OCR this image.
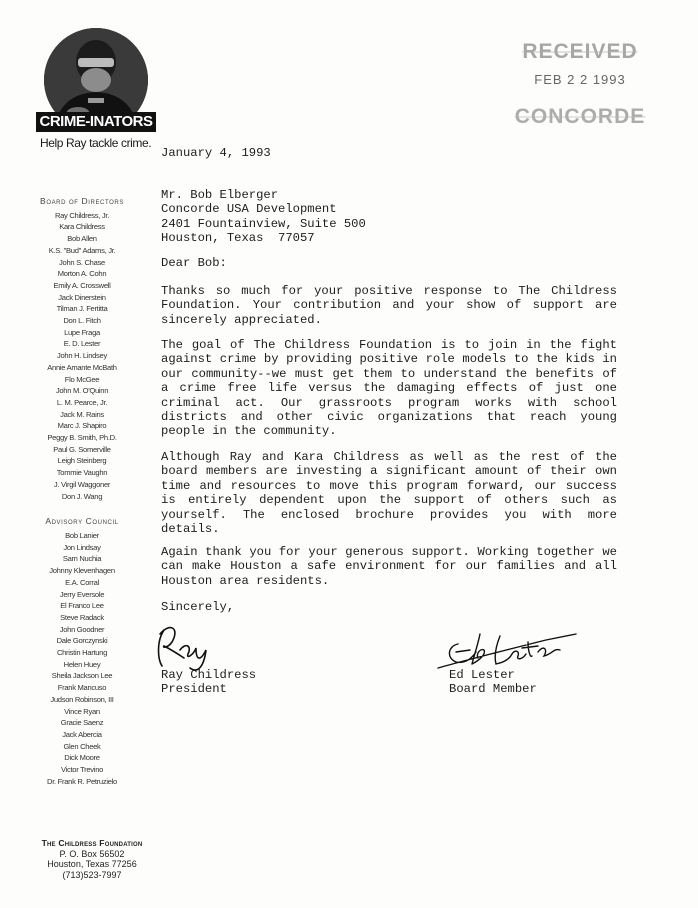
CRIME-INATORS
Help Ray tackle crime.
RECEIVED
FEB 2 2 1993
CONCORDE
Board of Directors
Ray Childress, Jr.
Kara Childress
Bob Allen
K.S. "Bud" Adams, Jr.
John S. Chase
Morton A. Cohn
Emily A. Crosswell
Jack Dinerstein
Tilman J. Fertitta
Don L. Fitch
Lupe Fraga
E. D. Lester
John H. Lindsey
Annie Amante McBath
Flo McGee
John M. O'Quinn
L. M. Pearce, Jr.
Jack M. Rains
Marc J. Shapiro
Peggy B. Smith, Ph.D.
Paul G. Somerville
Leigh Steinberg
Tommie Vaughn
J. Virgil Waggoner
Don J. Wang
Advisory Council
Bob Lanier
Jon Lindsay
Sam Nuchia
Johnny Klevenhagen
E.A. Corral
Jerry Eversole
El Franco Lee
Steve Radack
John Goodner
Dale Gorczynski
Christin Hartung
Helen Huey
Sheila Jackson Lee
Frank Mancuso
Judson Robinson, III
Vince Ryan
Gracie Saenz
Jack Abercia
Glen Cheek
Dick Moore
Victor Trevino
Dr. Frank R. Petruzielo
The Childress Foundation
P. O. Box 56502
Houston, Texas 77256
(713)523-7997
January 4, 1993
Mr. Bob Elberger
Concorde USA Development
2401 Fountainview, Suite 500
Houston, Texas  77057
Dear Bob:
Thanks so much for your positive response to The Childress Foundation. Your contribution and your show of support are sincerely appreciated.
The goal of The Childress Foundation is to join in the fight against crime by providing positive role models to the kids in our community--we must get them to understand the benefits of a crime free life versus the damaging effects of just one criminal act. Our grassroots program works with school districts and other civic organizations that reach young people in the community.
Although Ray and Kara Childress as well as the rest of the board members are investing a significant amount of their own time and resources to move this program forward, our success is entirely dependent upon the support of others such as yourself. The enclosed brochure provides you with more details.
Again thank you for your generous support. Working together we can make Houston a safe environment for our families and all Houston area residents.
Sincerely,
Ray Childress
President
Ed Lester
Board Member
